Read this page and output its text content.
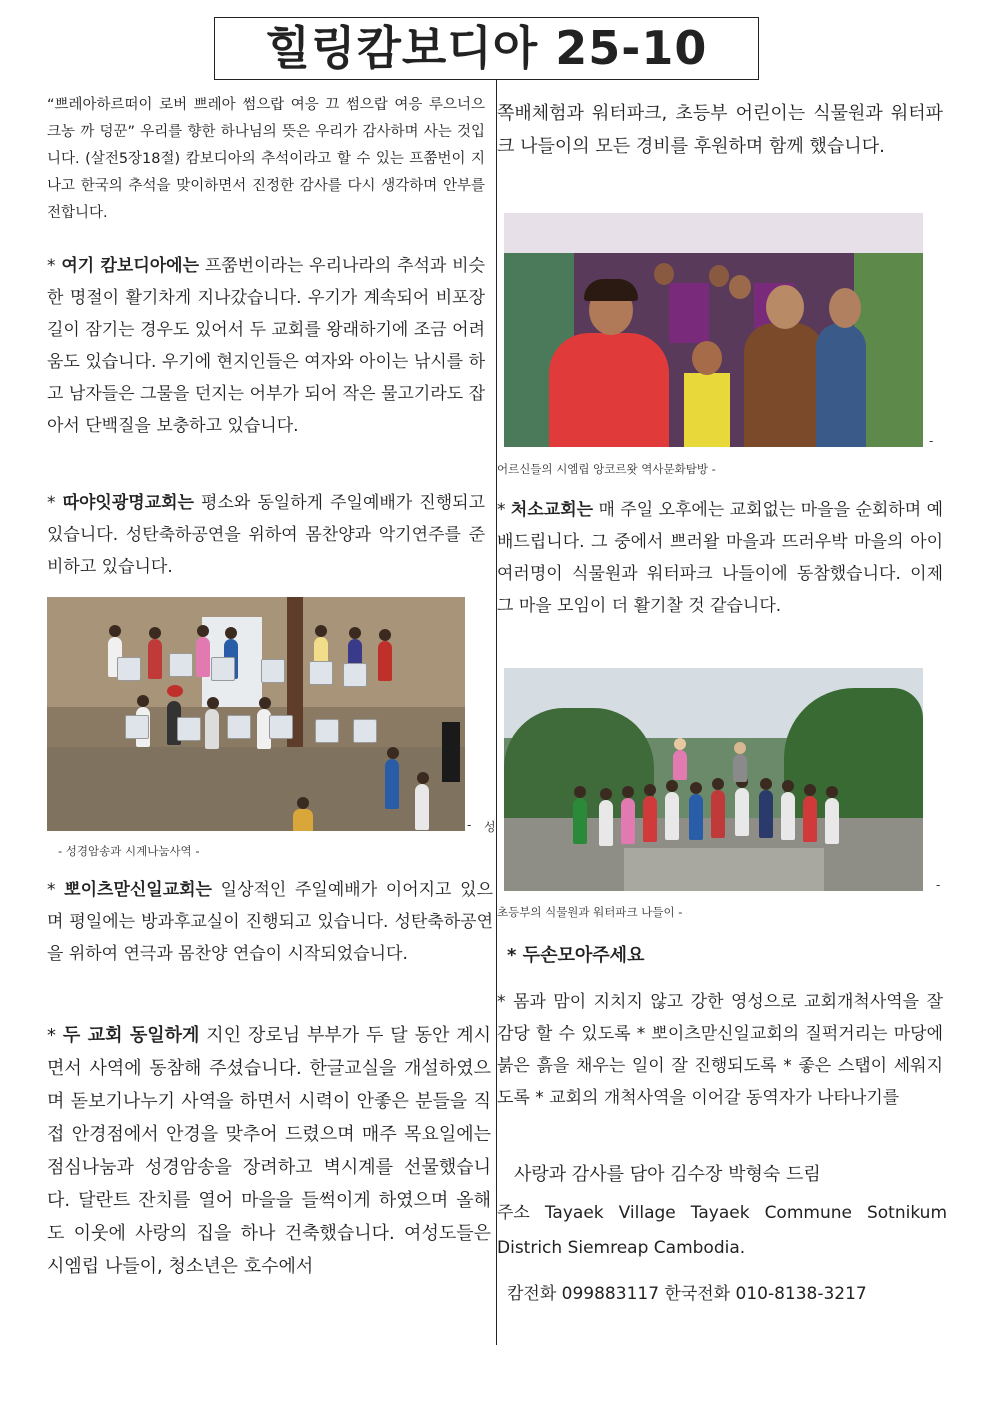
힐링캄보디아 25-10

“쁘레아하르떠이 로버 쁘레아 썸으랍 여응 끄 썸으랍 여응 루으너으 크농 까 덩꾼” 우리를 향한 하나님의 뜻은 우리가 감사하며 사는 것입니다. (살전5장18절) 캄보디아의 추석이라고 할 수 있는 프쭘번이 지나고 한국의 추석을 맞이하면서 진정한 감사를 다시 생각하며 안부를 전합니다.

* 여기 캄보디아에는 프쭘번이라는 우리나라의 추석과 비슷한 명절이 활기차게 지나갔습니다. 우기가 계속되어 비포장길이 잠기는 경우도 있어서 두 교회를 왕래하기에 조금 어려움도 있습니다. 우기에 현지인들은 여자와 아이는 낚시를 하고 남자들은 그물을 던지는 어부가 되어 작은 물고기라도 잡아서 단백질을 보충하고 있습니다.

* 따야잇광명교회는 평소와 동일하게 주일예배가 진행되고 있습니다. 성탄축하공연을 위하여 몸찬양과 악기연주를 준비하고 있습니다.

- 성
- 성경암송과 시계나눔사역 -

* 뽀이츠맏신일교회는 일상적인 주일예배가 이어지고 있으며 평일에는 방과후교실이 진행되고 있습니다. 성탄축하공연을 위하여 연극과 몸찬양 연습이 시작되었습니다.

* 두 교회 동일하게 지인 장로님 부부가 두 달 동안 계시면서 사역에 동참해 주셨습니다. 한글교실을 개설하였으며 돋보기나누기 사역을 하면서 시력이 안좋은 분들을 직접 안경점에서 안경을 맞추어 드렸으며 매주 목요일에는 점심나눔과 성경암송을 장려하고 벽시계를 선물했습니다. 달란트 잔치를 열어 마을을 들썩이게 하였으며 올해도 이웃에 사랑의 집을 하나 건축했습니다. 여성도들은 시엠립 나들이, 청소년은 호수에서

쪽배체험과 워터파크, 초등부 어린이는 식물원과 워터파크 나들이의 모든 경비를 후원하며 함께 했습니다.

-
어르신들의 시엠립 앙코르왓 역사문화탐방 -

* 처소교회는 매 주일 오후에는 교회없는 마을을 순회하며 예배드립니다. 그 중에서 쁘러왈 마을과 뜨러우박 마을의 아이 여러명이 식물원과 워터파크 나들이에 동참했습니다. 이제 그 마을 모임이 더 활기찰 것 같습니다.

-
초등부의 식물원과 워터파크 나들이 -
* 두손모아주세요

* 몸과 맘이 지치지 않고 강한 영성으로 교회개척사역을 잘 감당 할 수 있도록 * 뽀이츠맏신일교회의 질퍽거리는 마당에 붉은 흙을 채우는 일이 잘 진행되도록 * 좋은 스탭이 세워지도록 * 교회의 개척사역을 이어갈 동역자가 나타나기를

사랑과 감사를 담아 김수장 박형숙 드림

주소 Tayaek Village Tayaek Commune Sotnikum Districh Siemreap Cambodia.

캄전화 099883117 한국전화 010-8138-3217
